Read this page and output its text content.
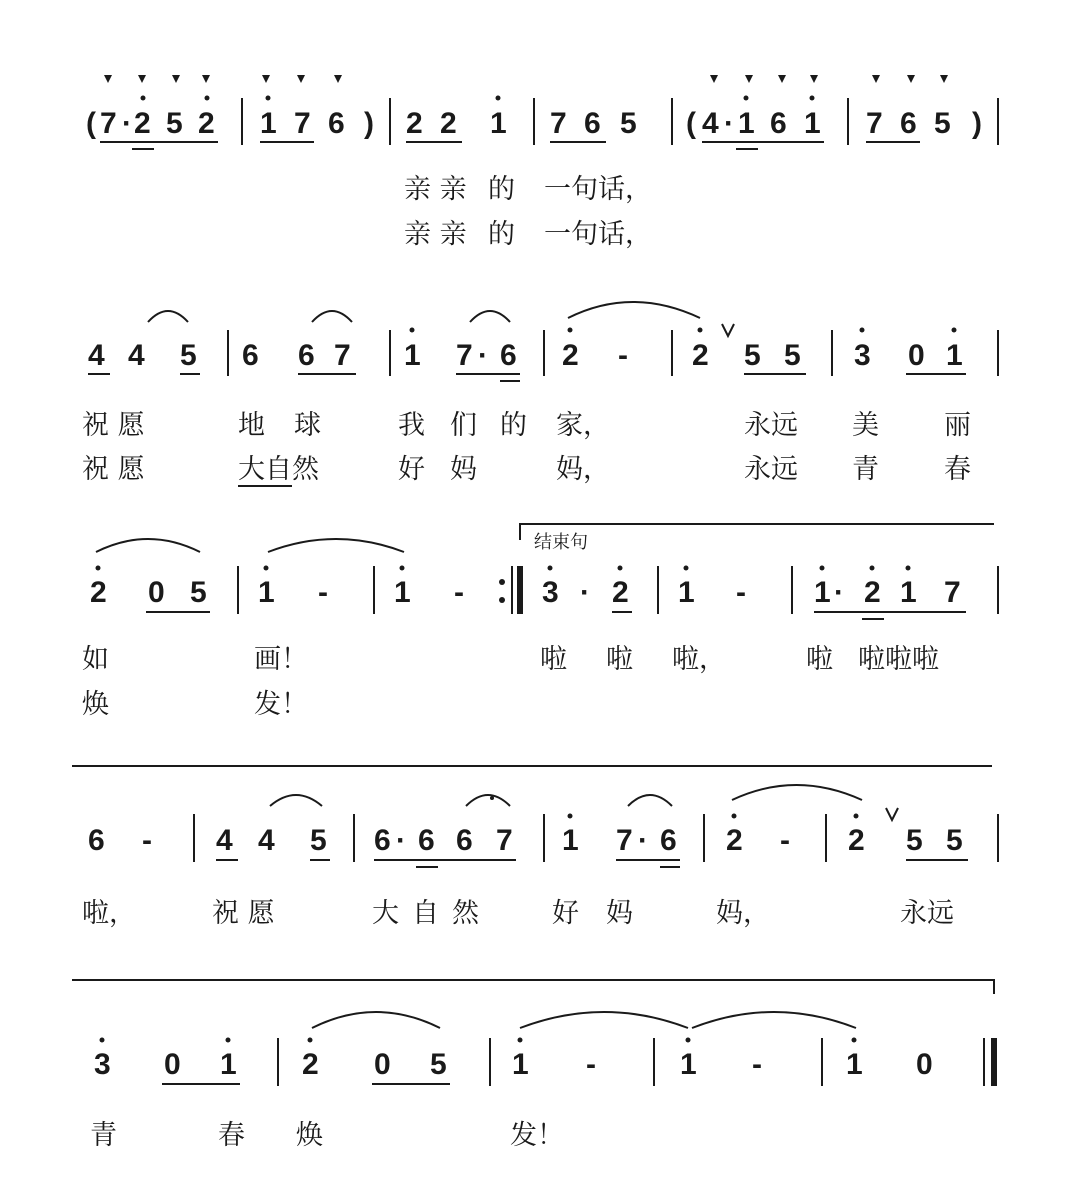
( 7 · 2 5 2 1 7 6 ) 2 2 1 7 6 5 ( 4 · 1 6 1 7 6 5 )
亲 亲 的 一句话，
亲 亲 的 一句话，
4 4 5 6 6 7 1 7 · 6 2 - 2 5 5 3 0 1
祝 愿	地 球	我 们 的 家，	永远 美 丽
祝 愿	大自然	好 妈	妈，	永远 青 春
结束句
2 0 5 1 - 1 -	3 · 2 1 - 1 · 2 1 7
如	画！	啦 啦 啦，	啦 啦啦啦
焕	发！
6 - 4 4 5 6 · 6 6 7 1 7 · 6 2 - 2 5 5
啦，	祝 愿	大 自 然	好 妈	妈，	永远
3 0 1 2 0 5 1 -	1 -	1 0
青	春 焕	发！
